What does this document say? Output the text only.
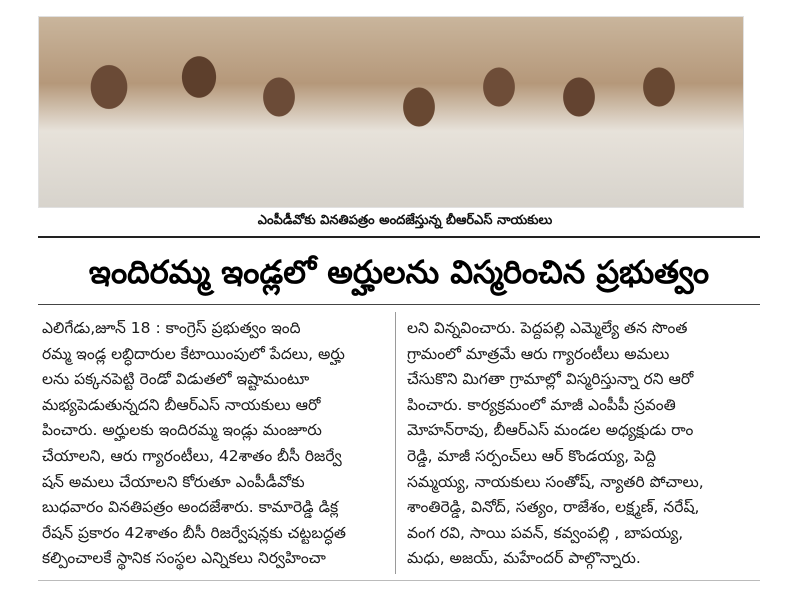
ఎంపీడీవోకు వినతిపత్రం అందజేస్తున్న బీఆర్ఎస్ నాయకులు
ఇందిరమ్మ ఇండ్లలో అర్హులను విస్మరించిన ప్రభుత్వం
ఎలిగేడు,జూన్ 18 : కాంగ్రెస్ ప్రభుత్వం ఇంది
రమ్మ ఇండ్ల లబ్ధిదారుల కేటాయింపులో పేదలు, అర్హు
లను పక్కనపెట్టి రెండో విడుతలో ఇష్టామంటూ
మభ్యపెడుతున్నదని బీఆర్ఎస్ నాయకులు ఆరో
పించారు. అర్హులకు ఇందిరమ్మ ఇండ్లు మంజూరు
చేయాలని, ఆరు గ్యారంటీలు, 42శాతం బీసీ రిజర్వే
షన్ అమలు చేయాలని కోరుతూ ఎంపీడీవోకు
బుధవారం వినతిపత్రం అందజేశారు. కామారెడ్డి డిక్ల
రేషన్ ప్రకారం 42శాతం బీసీ రిజర్వేషన్లకు చట్టబద్ధత
కల్పించాలకే స్థానిక సంస్థల ఎన్నికలు నిర్వహించా
లని విన్నవించారు. పెద్దపల్లి ఎమ్మెల్యే తన సొంత
గ్రామంలో మాత్రమే ఆరు గ్యారంటీలు అమలు
చేసుకొని మిగతా గ్రామాల్లో విస్మరిస్తున్నా రని ఆరో
పించారు. కార్యక్రమంలో మాజీ ఎంపీపీ స్రవంతి
మోహన్‌రావు, బీఆర్ఎస్ మండల అధ్యక్షుడు రాం
రెడ్డి, మాజీ సర్పంచ్‌లు ఆర్ కొండయ్య, పెద్ది
సమ్మయ్య, నాయకులు సంతోష్, న్యాతరి పోచాలు,
శాంతిరెడ్డి, వినోద్, సత్యం, రాజేశం, లక్ష్మణ్, నరేష్,
వంగ రవి, సాయి పవన్, కవ్వంపల్లి , బాపయ్య,
మధు, అజయ్, మహేందర్ పాల్గొన్నారు.
